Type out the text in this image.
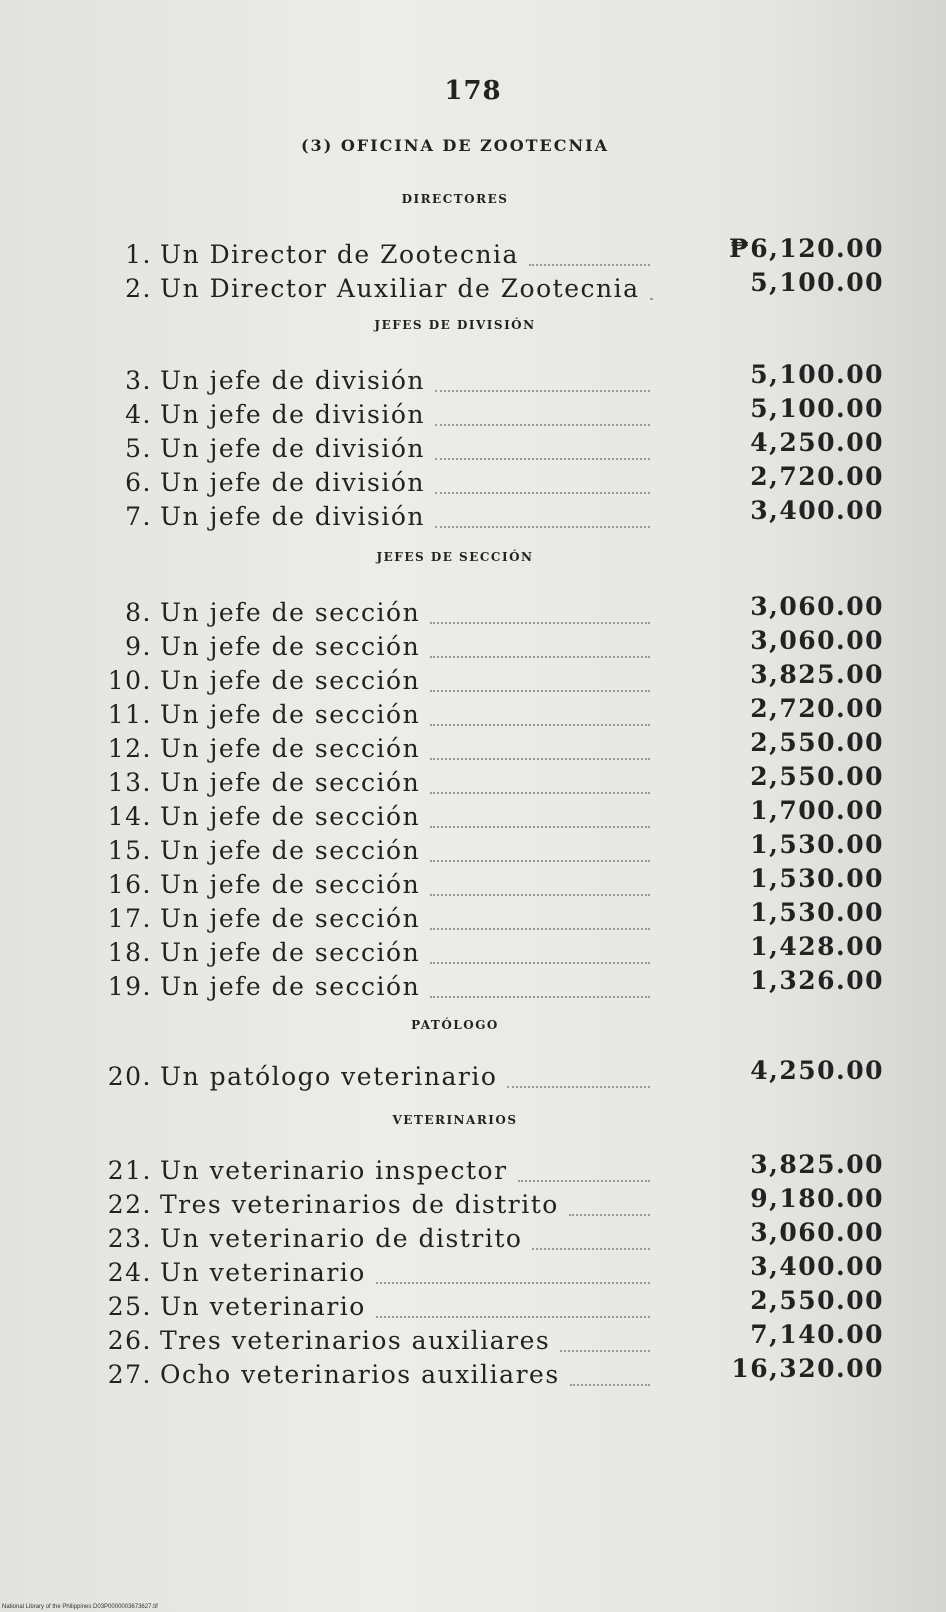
178
(3) OFICINA DE ZOOTECNIA
DIRECTORES
1. Un Director de Zootecnia	₱6,120.00
2. Un Director Auxiliar de Zootecnia	5,100.00
JEFES DE DIVISIÓN
3. Un jefe de división	5,100.00
4. Un jefe de división	5,100.00
5. Un jefe de división	4,250.00
6. Un jefe de división	2,720.00
7. Un jefe de división	3,400.00
JEFES DE SECCIÓN
8. Un jefe de sección	3,060.00
9. Un jefe de sección	3,060.00
10. Un jefe de sección	3,825.00
11. Un jefe de sección	2,720.00
12. Un jefe de sección	2,550.00
13. Un jefe de sección	2,550.00
14. Un jefe de sección	1,700.00
15. Un jefe de sección	1,530.00
16. Un jefe de sección	1,530.00
17. Un jefe de sección	1,530.00
18. Un jefe de sección	1,428.00
19. Un jefe de sección	1,326.00
PATÓLOGO
20. Un patólogo veterinario	4,250.00
VETERINARIOS
21. Un veterinario inspector	3,825.00
22. Tres veterinarios de distrito	9,180.00
23. Un veterinario de distrito	3,060.00
24. Un veterinario	3,400.00
25. Un veterinario	2,550.00
26. Tres veterinarios auxiliares	7,140.00
27. Ocho veterinarios auxiliares	16,320.00
National Library of the Philippines D03P0000003673627.tif
